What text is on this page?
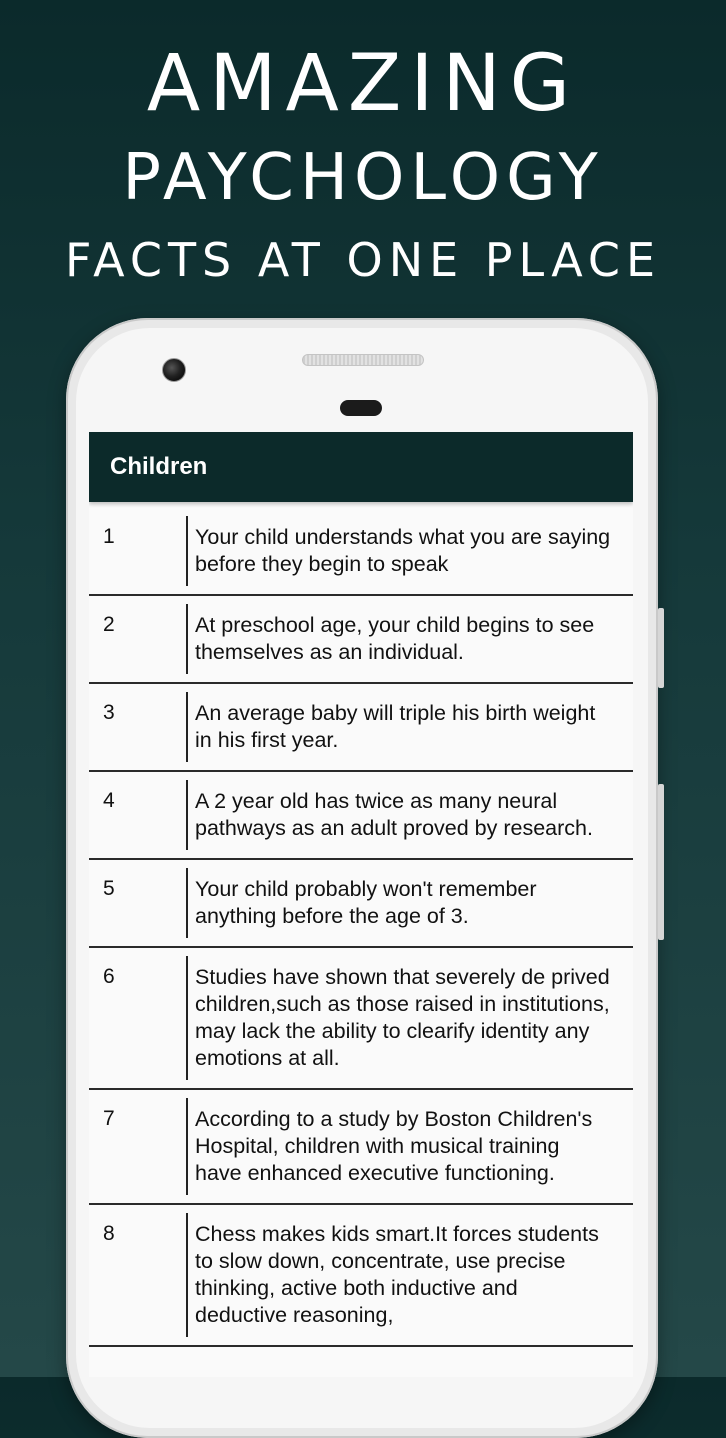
AMAZING
PAYCHOLOGY
FACTS AT ONE PLACE
Children
1	Your child understands what you are saying before they begin to speak
2	At preschool age, your child begins to see themselves as an individual.
3	An average baby will triple his birth weight in his first year.
4	A 2 year old has twice as many neural pathways as an adult proved by research.
5	Your child probably won't remember anything before the age of 3.
6	Studies have shown that severely de prived children,such as those raised in institutions, may lack the ability to clearify identity any emotions at all.
7	According to a study by Boston Children's Hospital, children with musical training have enhanced executive functioning.
8	Chess makes kids smart.It forces students to slow down, concentrate, use precise thinking, active both inductive and deductive reasoning,
